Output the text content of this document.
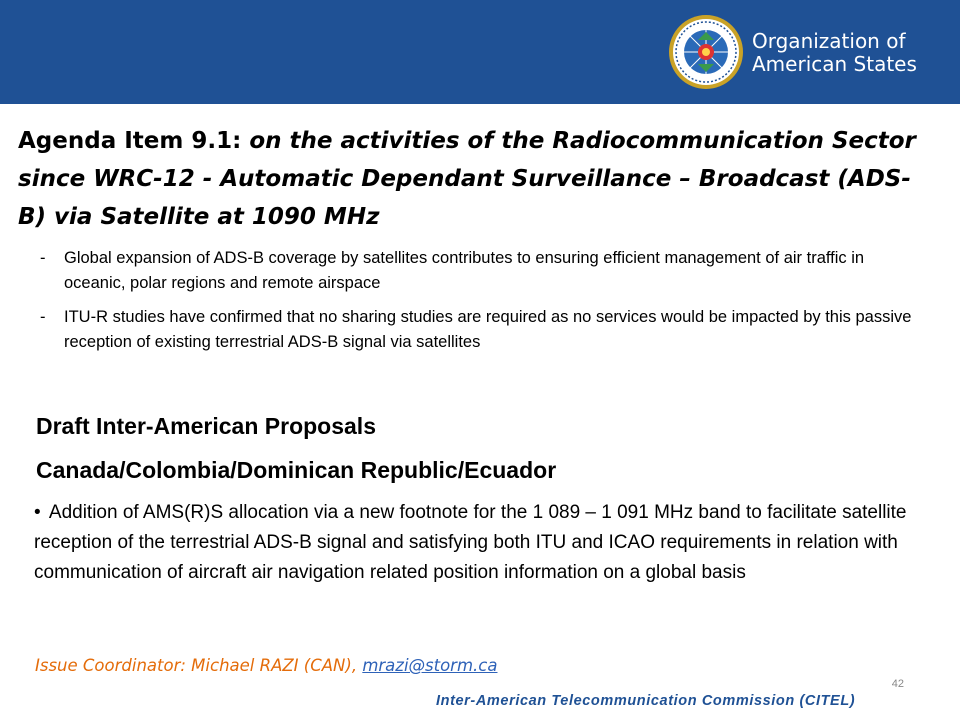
Organization of
American States
Agenda Item 9.1: on the activities of the Radiocommunication Sector since WRC-12 - Automatic Dependant Surveillance – Broadcast (ADS-B) via Satellite at 1090 MHz
- Global expansion of ADS-B coverage by satellites contributes to ensuring efficient management of air traffic in oceanic, polar regions and remote airspace
- ITU-R studies have confirmed that no sharing studies are required as no services would be impacted by this passive reception of existing terrestrial ADS-B signal via satellites
Draft Inter-American Proposals
Canada/Colombia/Dominican Republic/Ecuador

• Addition of AMS(R)S allocation via a new footnote for the 1 089 – 1 091 MHz band to facilitate satellite reception of the terrestrial ADS-B signal and satisfying both ITU and ICAO requirements in relation with communication of aircraft air navigation related position information on a global basis

Issue Coordinator: Michael RAZI (CAN), mrazi@storm.ca
42
Inter-American Telecommunication Commission (CITEL)
